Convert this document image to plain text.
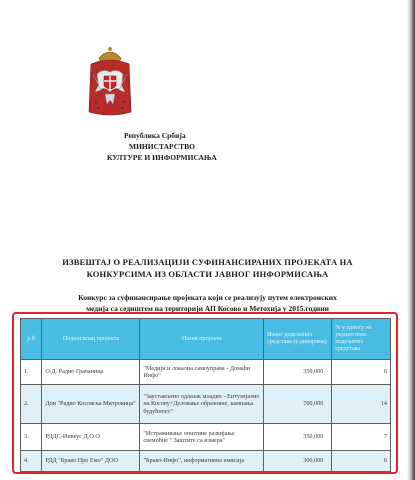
Република Србија
МИНИСТАРСТВО
КУЛТУРЕ И ИНФОРМИСАЊА
ИЗВЕШТАЈ О РЕАЛИЗАЦИЈИ СУФИНАНСИРАНИХ ПРОЈЕКАТА НА
КОНКУРСИМА ИЗ ОБЛАСТИ ЈАВНОГ ИНФОРМИСАЊА
Конкурс за суфинансирање пројеката који се реализују путем електронских
медија са седиштем на територији АП Косово и Метохија у 2015.години
р.б	Подносилац пројекта	Назив пројекта	Износ додељених средстава (у динарима)	% у односу на укупно нове подељених средстава
1.	О.Д. Радио Грачаница	"Медији и локална самоуправа - Домаћи Инфо"	350,000	6
2.	Дои "Радио Косовска Митровица"	"Заустављено одлазак младих - Ентузијазмо на Косову+Деловање образовне, кампања будућност"	700,000	14
3.	РДДС-Инвеус Д.О.О	"Истраживање општине развијање свемоћне " Заштите са измера"	350,000	7
4.	РДД "Браво Про Емо" ДОО	"Браво-Инфо", информативна емисија	300,000	6
